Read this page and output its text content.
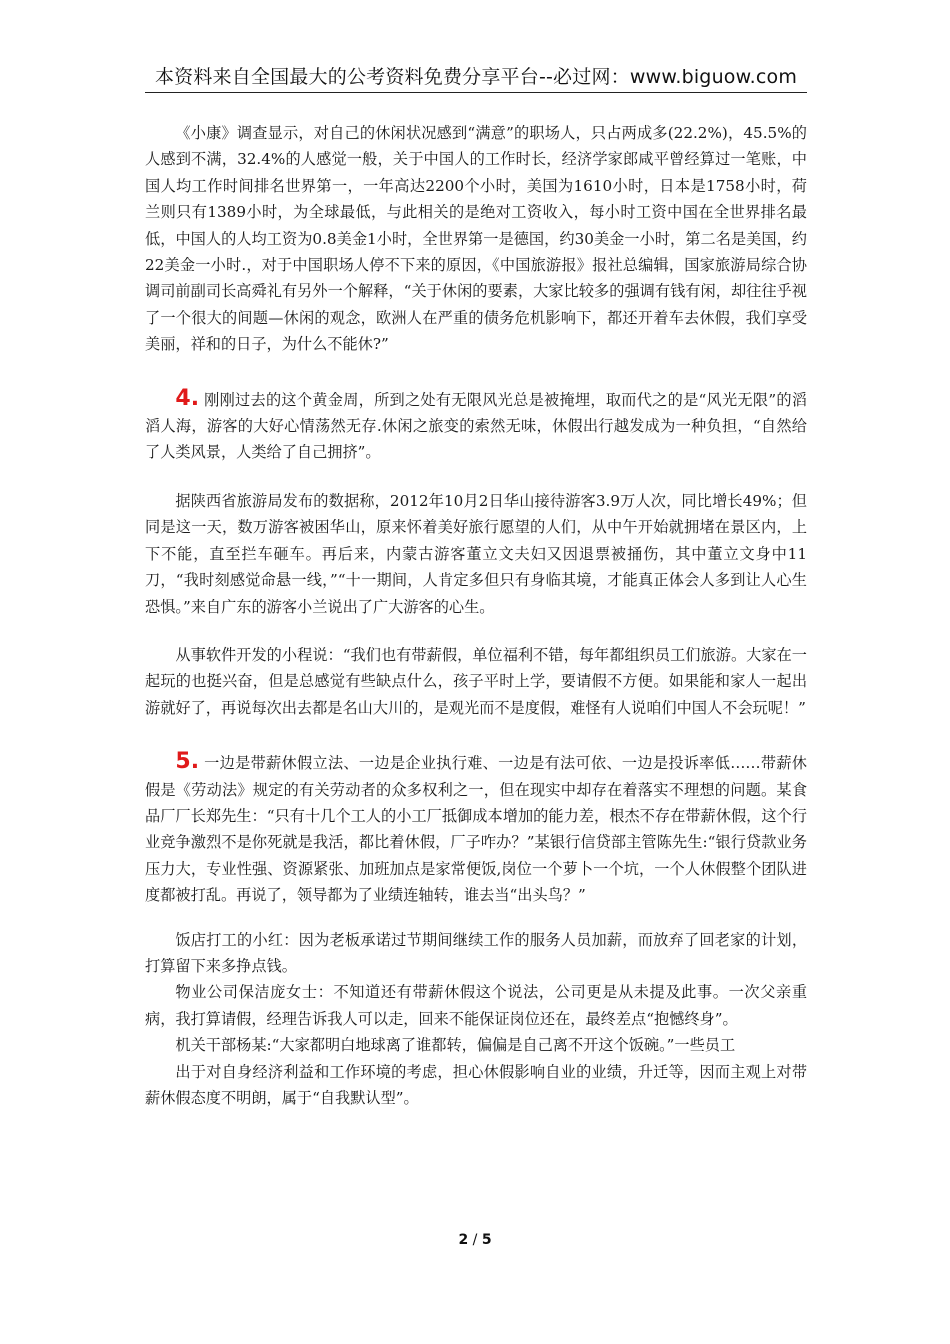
本资料来自全国最大的公考资料免费分享平台--必过网：www.biguow.com

《小康》调查显示，对自己的休闲状况感到“满意”的职场人，只占两成多(22.2%)，45.5%的人感到不满，32.4%的人感觉一般，关于中国人的工作时长，经济学家郎咸平曾经算过一笔账，中国人均工作时间排名世界第一，一年高达2200个小时，美国为1610小时，日本是1758小时，荷兰则只有1389小时，为全球最低，与此相关的是绝对工资收入，每小时工资中国在全世界排名最低，中国人的人均工资为0.8美金1小时，全世界第一是德国，约30美金一小时，第二名是美国，约22美金一小时.，对于中国职场人停不下来的原因，《中国旅游报》报社总编辑，国家旅游局综合协调司前副司长高舜礼有另外一个解释，“关于休闲的要素，大家比较多的强调有钱有闲，却往往乎视了一个很大的间题—休闲的观念，欧洲人在严重的债务危机影响下，都还开着车去休假，我们享受美丽，祥和的日子，为什么不能休?”

4. 刚刚过去的这个黄金周，所到之处有无限风光总是被掩埋，取而代之的是“风光无限”的滔滔人海，游客的大好心情荡然无存.休闲之旅变的索然无味，休假出行越发成为一种负担，“自然给了人类风景，人类给了自己拥挤”。

据陕西省旅游局发布的数据称，2012年10月2日华山接待游客3.9万人次，同比增长49%；但同是这一天，数万游客被困华山，原来怀着美好旅行愿望的人们，从中午开始就拥堵在景区内，上下不能，直至拦车砸车。再后来，内蒙古游客董立文夫妇又因退票被捅伤，其中董立文身中11刀，“我时刻感觉命悬一线，”“十一期间，人肯定多但只有身临其境，才能真正体会人多到让人心生恐惧。”来自广东的游客小兰说出了广大游客的心生。

从事软件开发的小程说：“我们也有带薪假，单位福利不错，每年都组织员工们旅游。大家在一起玩的也挺兴奋，但是总感觉有些缺点什么，孩子平时上学，要请假不方便。如果能和家人一起出游就好了，再说每次出去都是名山大川的，是观光而不是度假，难怪有人说咱们中国人不会玩呢！”

5. 一边是带薪休假立法、一边是企业执行难、一边是有法可依、一边是投诉率低……带薪休假是《劳动法》规定的有关劳动者的众多权利之一，但在现实中却存在着落实不理想的问题。某食品厂厂长郑先生：“只有十几个工人的小工厂抵御成本增加的能力差，根杰不存在带薪休假，这个行业竞争激烈不是你死就是我活，都比着休假，厂子咋办？”某银行信贷部主管陈先生:“银行贷款业务压力大，专业性强、资源紧张、加班加点是家常便饭,岗位一个萝卜一个坑，一个人休假整个团队进度都被打乱。再说了，领导都为了业绩连轴转，谁去当“出头鸟？”

饭店打工的小红：因为老板承诺过节期间继续工作的服务人员加薪，而放弃了回老家的计划，打算留下来多挣点钱。

物业公司保洁庞女士：不知道还有带薪休假这个说法，公司更是从未提及此事。一次父亲重病，我打算请假，经理告诉我人可以走，回来不能保证岗位还在，最终差点“抱憾终身”。

机关干部杨某:“大家都明白地球离了谁都转，偏偏是自己离不开这个饭碗。”一些员工

出于对自身经济利益和工作环境的考虑，担心休假影响自业的业绩，升迁等，因而主观上对带薪休假态度不明朗，属于“自我默认型”。

2 / 5
